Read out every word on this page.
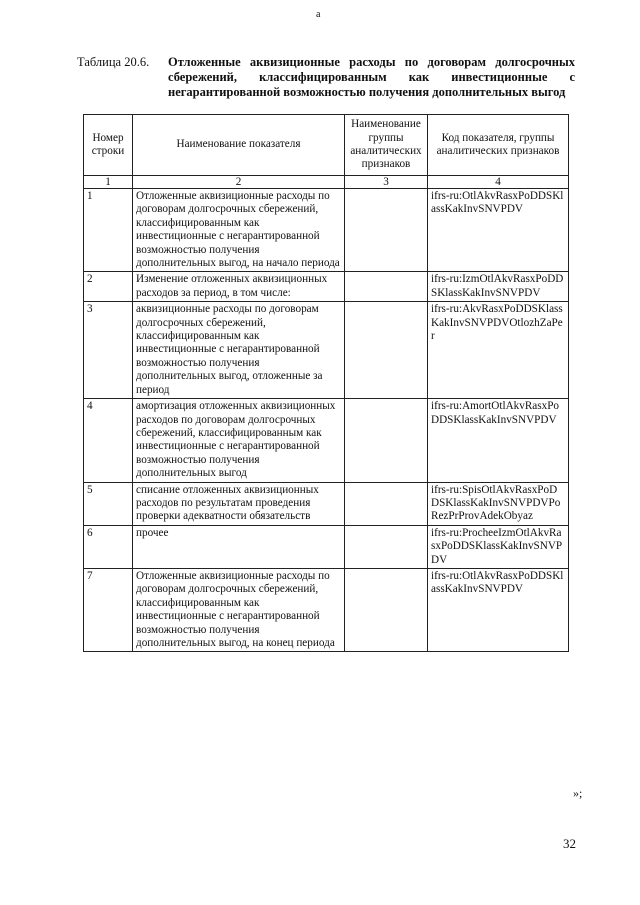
a
Таблица 20.6. Отложенные аквизиционные расходы по договорам долгосрочных
сбережений, классифицированным как инвестиционные с
негарантированной возможностью получения дополнительных выгод
Номер строки	Наименование показателя	Наименование группы аналитических признаков	Код показателя, группы аналитических признаков
1	2	3	4
1	Отложенные аквизиционные расходы по договорам долгосрочных сбережений, классифицированным как инвестиционные с негарантированной возможностью получения дополнительных выгод, на начало периода		ifrs-ru:OtlAkvRasxPoDDSKlassKakInvSNVPDV
2	Изменение отложенных аквизиционных расходов за период, в том числе:		ifrs-ru:IzmOtlAkvRasxPoDDSKlassKakInvSNVPDV
3	аквизиционные расходы по договорам долгосрочных сбережений, классифицированным как инвестиционные с негарантированной возможностью получения дополнительных выгод, отложенные за период		ifrs-ru:AkvRasxPoDDSKlassKakInvSNVPDVOtlozhZaPer
4	амортизация отложенных аквизиционных расходов по договорам долгосрочных сбережений, классифицированным как инвестиционные с негарантированной возможностью получения дополнительных выгод		ifrs-ru:AmortOtlAkvRasxPoDDSKlassKakInvSNVPDV
5	списание отложенных аквизиционных расходов по результатам проведения проверки адекватности обязательств		ifrs-ru:SpisOtlAkvRasxPoDDSKlassKakInvSNVPDVPoRezPrProvAdekObyaz
6	прочее		ifrs-ru:ProcheeIzmOtlAkvRasxPoDDSKlassKakInvSNVPDV
7	Отложенные аквизиционные расходы по договорам долгосрочных сбережений, классифицированным как инвестиционные с негарантированной возможностью получения дополнительных выгод, на конец периода		ifrs-ru:OtlAkvRasxPoDDSKlassKakInvSNVPDV
»;
32
